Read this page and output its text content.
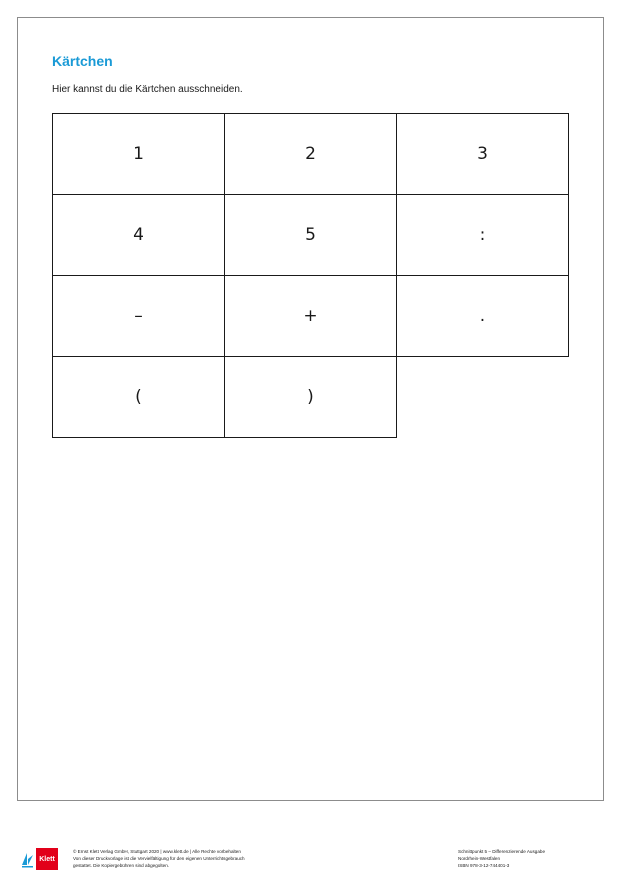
Kärtchen
Hier kannst du die Kärtchen ausschneiden.
1	2	3
4	5	:
–	+	.
(	)
Klett
© Ernst Klett Verlag GmbH, Stuttgart 2020 | www.klett.de | Alle Rechte vorbehalten
Von dieser Druckvorlage ist die Vervielfältigung für den eigenen Unterrichtsgebrauch
gestattet. Die Kopiergebühren sind abgegolten.
Schnittpunkt 5 – Differenzierende Ausgabe
Nordrhein-Westfalen
ISBN 978-3-12-744401-3
